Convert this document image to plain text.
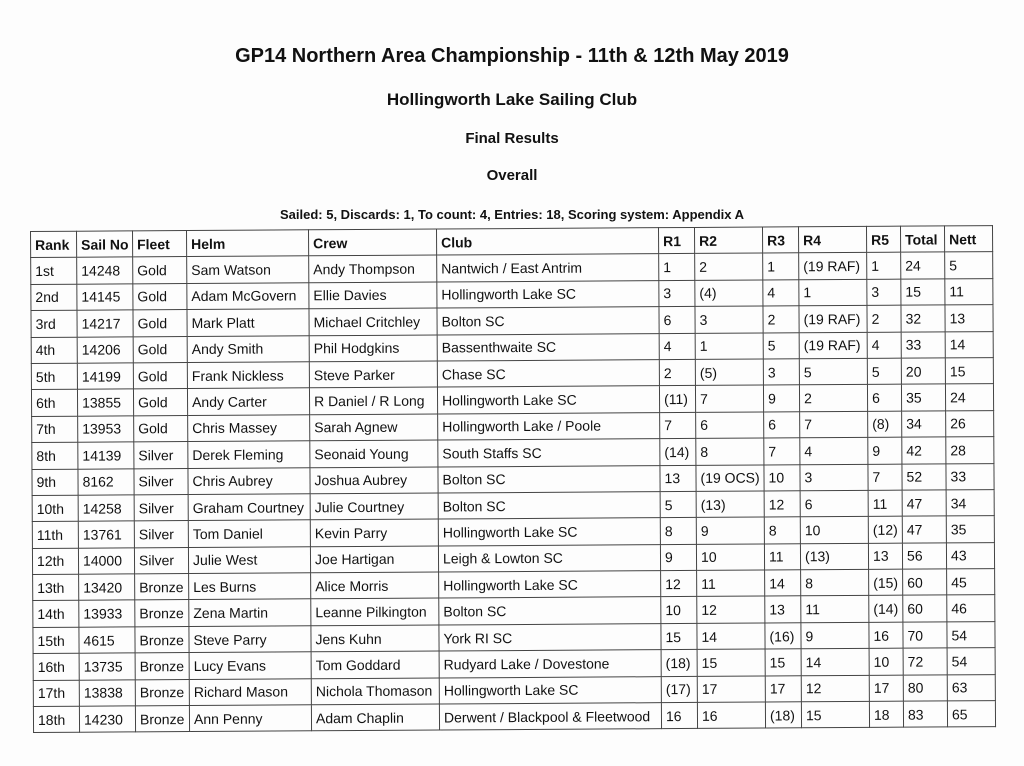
GP14 Northern Area Championship - 11th & 12th May 2019
Hollingworth Lake Sailing Club
Final Results
Overall
Sailed: 5, Discards: 1, To count: 4, Entries: 18, Scoring system: Appendix A
Rank	Sail No	Fleet	Helm	Crew	Club	R1	R2	R3	R4	R5	Total	Nett
1st	14248	Gold	Sam Watson	Andy Thompson	Nantwich / East Antrim	1	2	1	(19 RAF)	1	24	5
2nd	14145	Gold	Adam McGovern	Ellie Davies	Hollingworth Lake SC	3	(4)	4	1	3	15	11
3rd	14217	Gold	Mark Platt	Michael Critchley	Bolton SC	6	3	2	(19 RAF)	2	32	13
4th	14206	Gold	Andy Smith	Phil Hodgkins	Bassenthwaite SC	4	1	5	(19 RAF)	4	33	14
5th	14199	Gold	Frank Nickless	Steve Parker	Chase SC	2	(5)	3	5	5	20	15
6th	13855	Gold	Andy Carter	R Daniel / R Long	Hollingworth Lake SC	(11)	7	9	2	6	35	24
7th	13953	Gold	Chris Massey	Sarah Agnew	Hollingworth Lake / Poole	7	6	6	7	(8)	34	26
8th	14139	Silver	Derek Fleming	Seonaid Young	South Staffs SC	(14)	8	7	4	9	42	28
9th	8162	Silver	Chris Aubrey	Joshua Aubrey	Bolton SC	13	(19 OCS)	10	3	7	52	33
10th	14258	Silver	Graham Courtney	Julie Courtney	Bolton SC	5	(13)	12	6	11	47	34
11th	13761	Silver	Tom Daniel	Kevin Parry	Hollingworth Lake SC	8	9	8	10	(12)	47	35
12th	14000	Silver	Julie West	Joe Hartigan	Leigh & Lowton SC	9	10	11	(13)	13	56	43
13th	13420	Bronze	Les Burns	Alice Morris	Hollingworth Lake SC	12	11	14	8	(15)	60	45
14th	13933	Bronze	Zena Martin	Leanne Pilkington	Bolton SC	10	12	13	11	(14)	60	46
15th	4615	Bronze	Steve Parry	Jens Kuhn	York RI SC	15	14	(16)	9	16	70	54
16th	13735	Bronze	Lucy Evans	Tom Goddard	Rudyard Lake / Dovestone	(18)	15	15	14	10	72	54
17th	13838	Bronze	Richard Mason	Nichola Thomason	Hollingworth Lake SC	(17)	17	17	12	17	80	63
18th	14230	Bronze	Ann Penny	Adam Chaplin	Derwent / Blackpool & Fleetwood	16	16	(18)	15	18	83	65
